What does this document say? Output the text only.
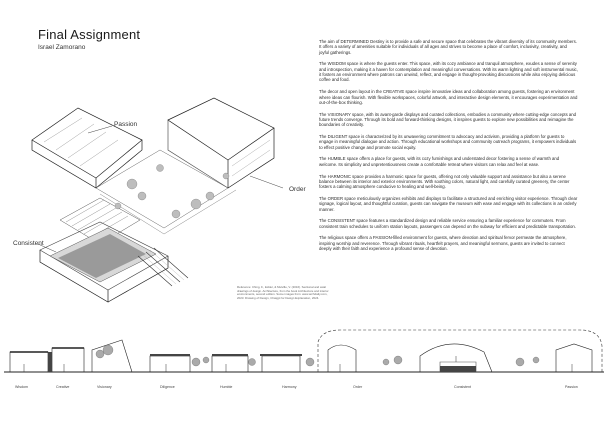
Final Assignment
Israel Zamorano
Passion
Order
Consistent

The aim of DETERMINED Destiny is to provide a safe and secure space that celebrates the vibrant diversity of its community members. It offers a variety of amenities suitable for individuals of all ages and strives to become a place of comfort, inclusivity, creativity, and joyful gatherings.

The WISDOM space is where the guests enter. This space, with its cozy ambiance and tranquil atmosphere, exudes a sense of serenity and introspection, making it a haven for contemplation and meaningful conversations. With its warm lighting and soft instrumental music, it fosters an environment where patrons can unwind, reflect, and engage in thought-provoking discussions while also enjoying delicious coffee and food.

The decor and open layout in the CREATIVE space inspire innovative ideas and collaboration among guests, fostering an environment where ideas can flourish. With flexible workspaces, colorful artwork, and interactive design elements, it encourages experimentation and out-of-the-box thinking.

The VISIONARY space, with its avant-garde displays and curated collections, embodies a community where cutting-edge concepts and future trends converge. Through its bold and forward-thinking designs, it inspires guests to explore new possibilities and reimagine the boundaries of creativity.

The DILIGENT space is characterized by its unwavering commitment to advocacy and activism, providing a platform for guests to engage in meaningful dialogue and action. Through educational workshops and community outreach programs, it empowers individuals to effect positive change and promote social equity.

The HUMBLE space offers a place for guests, with its cozy furnishings and understated decor fostering a sense of warmth and welcome. Its simplicity and unpretentiousness create a comfortable retreat where visitors can relax and feel at ease.

The HARMONIC space provides a harmonic space for guests, offering not only valuable support and assistance but also a serene balance between its interior and exterior environments. With soothing colors, natural light, and carefully curated greenery, the center fosters a calming atmosphere conducive to healing and well-being.

The ORDER space meticulously organizes exhibits and displays to facilitate a structured and enriching visitor experience. Through clear signage, logical layout, and thoughtful curation, guests can navigate the museum with ease and engage with its collections in an orderly manner.

The CONSISTENT space features a standardized design and reliable service ensuring a familiar experience for commuters. From consistent train schedules to uniform station layouts, passengers can depend on the subway for efficient and predictable transportation.

The religious space offers a PASSION-filled environment for guests, where devotion and spiritual fervor permeate the atmosphere, inspiring worship and reverence. Through vibrant rituals, heartfelt prayers, and meaningful sermons, guests are invited to connect deeply with their faith and experience a profound sense of devotion.

Reference: Ching, F., Eckler, & Mulville, V. (2016). Sectional and axial drawings of design. Architecture, from the book Architecture and interior environments, second edition. Some images from: www.archdaily.com, 2023. Drawing of Design, Chatgpt for Design Explanation, 2024.
Wisdom	Creative	Visionary	Diligence	Humble	Harmony	Order	Consistent	Passion
